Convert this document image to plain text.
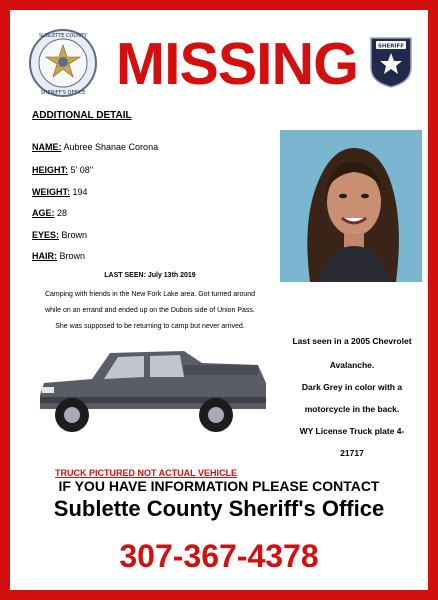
SUBLETTE COUNTY
SHERIFF'S OFFICE MISSING	SHERIFF
ADDITIONAL DETAIL
NAME: Aubree Shanae Corona
HEIGHT: 5' 08''
WEIGHT: 194
AGE: 28
EYES: Brown
HAIR: Brown
LAST SEEN: July 13th 2019
Camping with friends in the New Fork Lake area. Got turned around
while on an errand and ended up on the Dubois side of Union Pass.
She was supposed to be returning to camp but never arrived.
Last seen in a 2005 Chevrolet
Avalanche.
Dark Grey in color with a
motorcycle in the back.
WY License Truck plate 4-
21717
TRUCK PICTURED NOT ACTUAL VEHICLE
IF YOU HAVE INFORMATION PLEASE CONTACT
Sublette County Sheriff's Office
307-367-4378
